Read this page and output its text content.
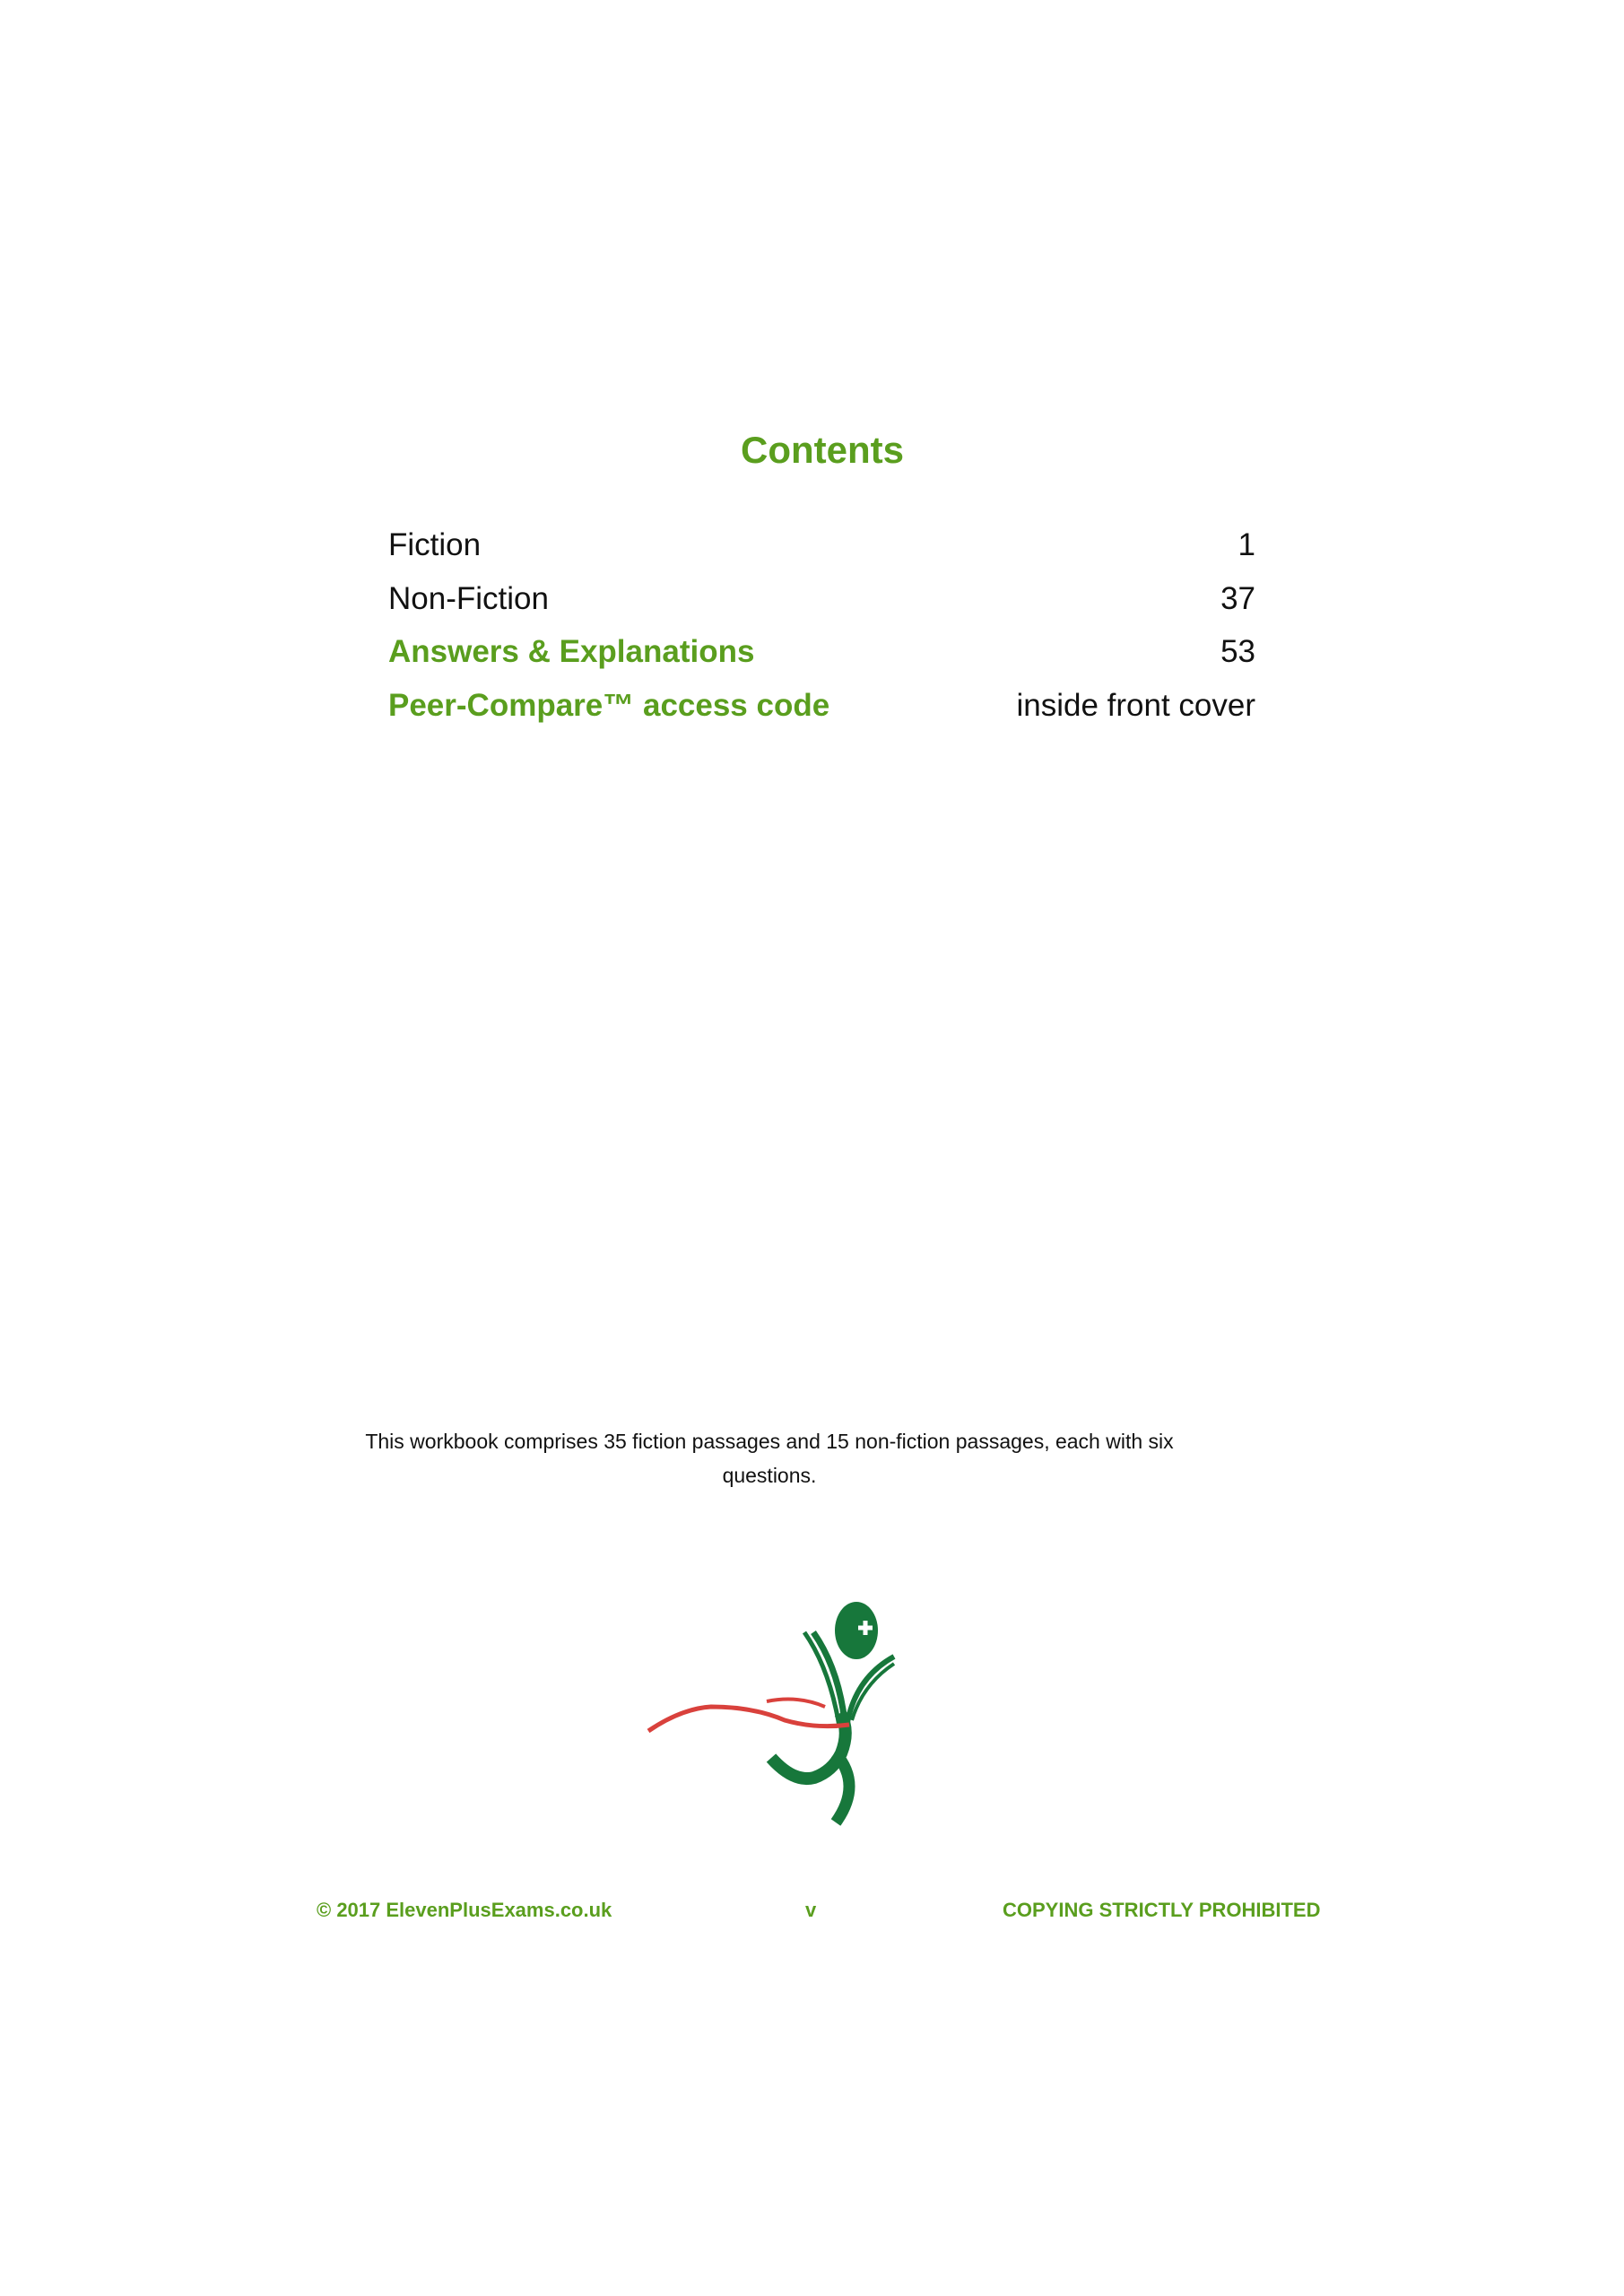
Contents
Fiction	1
Non-Fiction	37
Answers & Explanations	53
Peer-Compare™ access code	inside front cover
This workbook comprises 35 fiction passages and 15 non-fiction passages, each with six questions.
© 2017 ElevenPlusExams.co.uk	v	COPYING STRICTLY PROHIBITED
